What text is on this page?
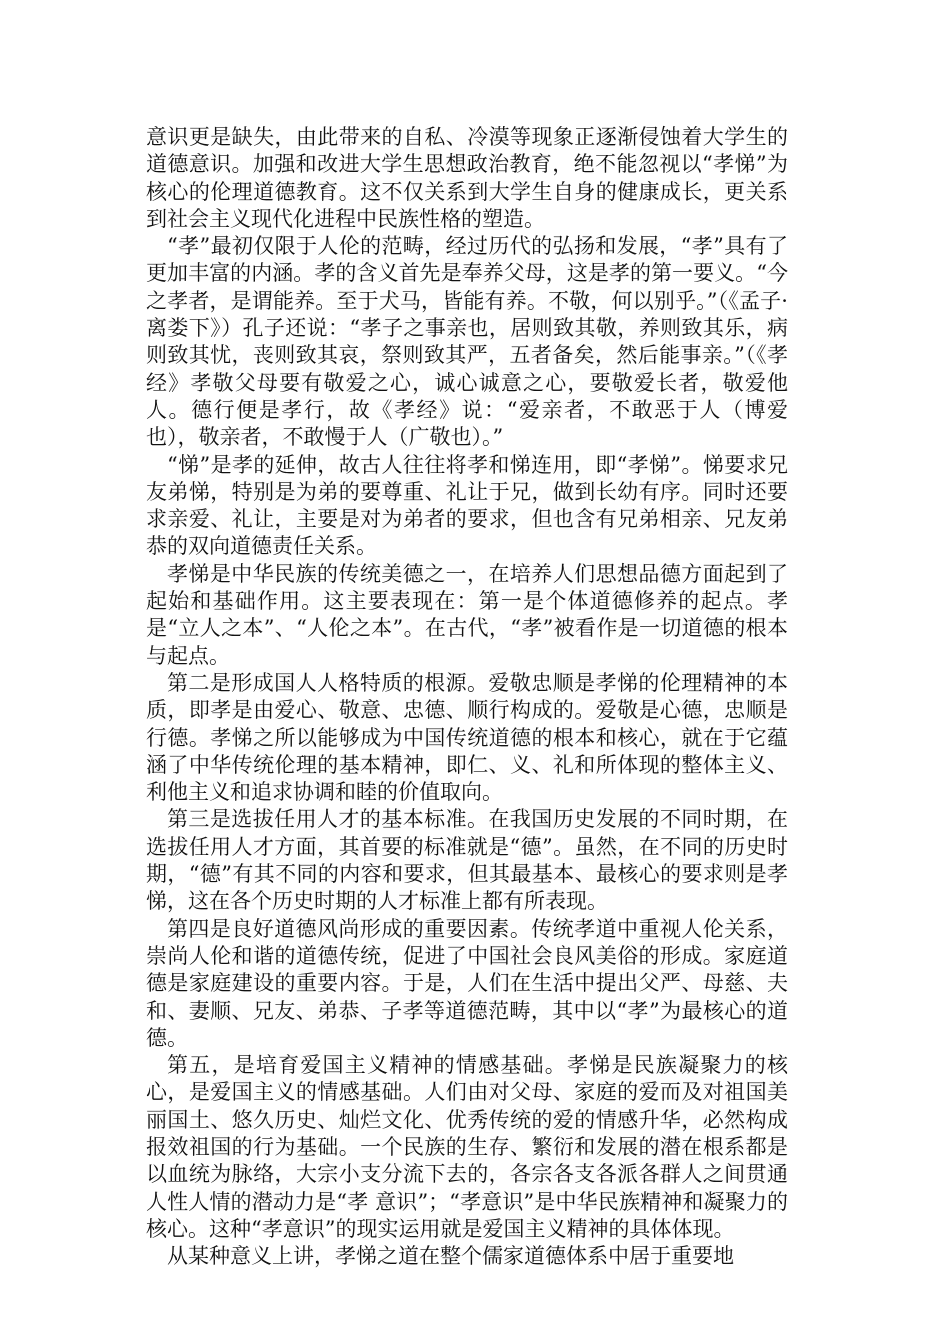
意识更是缺失，由此带来的自私、冷漠等现象正逐渐侵蚀着大学生的道德意识。加强和改进大学生思想政治教育，绝不能忽视以“孝悌”为核心的伦理道德教育。这不仅关系到大学生自身的健康成长，更关系到社会主义现代化进程中民族性格的塑造。

“孝”最初仅限于人伦的范畴，经过历代的弘扬和发展，“孝”具有了更加丰富的内涵。孝的含义首先是奉养父母，这是孝的第一要义。“今之孝者，是谓能养。至于犬马，皆能有养。不敬，何以别乎。”（《孟子·离娄下》）孔子还说：“孝子之事亲也，居则致其敬，养则致其乐，病则致其忧，丧则致其哀，祭则致其严，五者备矣，然后能事亲。”（《孝经》孝敬父母要有敬爱之心，诚心诚意之心，要敬爱长者，敬爱他人。德行便是孝行，故《孝经》说：“爱亲者，不敢恶于人（博爱也），敬亲者，不敢慢于人（广敬也）。”

“悌”是孝的延伸，故古人往往将孝和悌连用，即“孝悌”。悌要求兄友弟悌，特别是为弟的要尊重、礼让于兄，做到长幼有序。同时还要求亲爱、礼让，主要是对为弟者的要求，但也含有兄弟相亲、兄友弟恭的双向道德责任关系。

孝悌是中华民族的传统美德之一，在培养人们思想品德方面起到了起始和基础作用。这主要表现在：第一是个体道德修养的起点。孝是“立人之本”、“人伦之本”。在古代，“孝”被看作是一切道德的根本与起点。

第二是形成国人人格特质的根源。爱敬忠顺是孝悌的伦理精神的本质，即孝是由爱心、敬意、忠德、顺行构成的。爱敬是心德，忠顺是行德。孝悌之所以能够成为中国传统道德的根本和核心，就在于它蕴涵了中华传统伦理的基本精神，即仁、义、礼和所体现的整体主义、利他主义和追求协调和睦的价值取向。

第三是选拔任用人才的基本标准。在我国历史发展的不同时期，在选拔任用人才方面，其首要的标准就是“德”。虽然，在不同的历史时期，“德”有其不同的内容和要求，但其最基本、最核心的要求则是孝悌，这在各个历史时期的人才标准上都有所表现。

第四是良好道德风尚形成的重要因素。传统孝道中重视人伦关系，崇尚人伦和谐的道德传统，促进了中国社会良风美俗的形成。家庭道德是家庭建设的重要内容。于是，人们在生活中提出父严、母慈、夫和、妻顺、兄友、弟恭、子孝等道德范畴，其中以“孝”为最核心的道德。

第五，是培育爱国主义精神的情感基础。孝悌是民族凝聚力的核心，是爱国主义的情感基础。人们由对父母、家庭的爱而及对祖国美丽国土、悠久历史、灿烂文化、优秀传统的爱的情感升华，必然构成报效祖国的行为基础。一个民族的生存、繁衍和发展的潜在根系都是以血统为脉络，大宗小支分流下去的，各宗各支各派各群人之间贯通人性人情的潜动力是“孝 意识”；“孝意识”是中华民族精神和凝聚力的核心。这种“孝意识”的现实运用就是爱国主义精神的具体体现。

从某种意义上讲，孝悌之道在整个儒家道德体系中居于重要地
